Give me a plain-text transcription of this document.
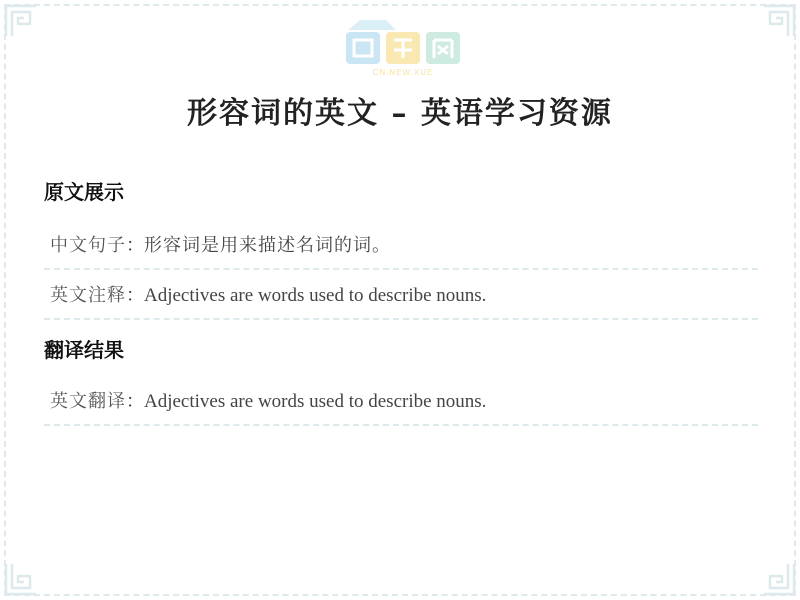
CN.NEW.XUE
形容词的英文 – 英语学习资源
原文展示
中文句子：形容词是用来描述名词的词。
英文注释：Adjectives are words used to describe nouns.
翻译结果
英文翻译：Adjectives are words used to describe nouns.
